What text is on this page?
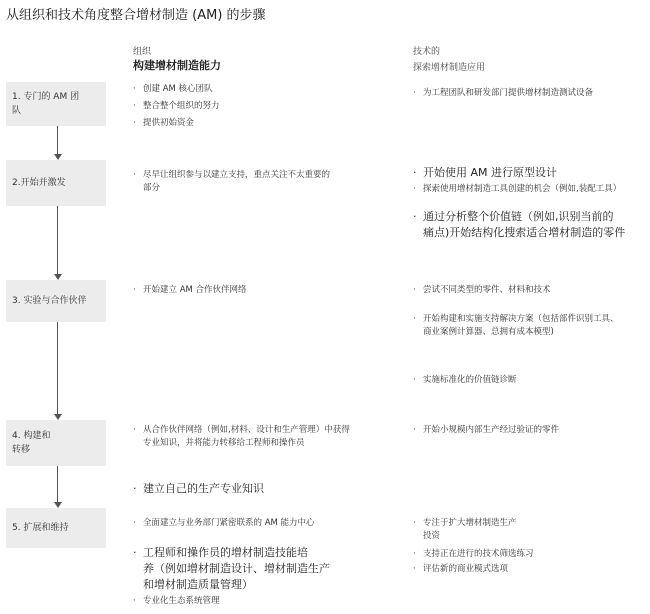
从组织和技术角度整合增材制造 (AM) 的步骤
组织
构建增材制造能力
技术的
探索增材制造应用
1. 专门的 AM 团
队
2.开始并激发
3. 实验与合作伙伴
4. 构建和
转移
5. 扩展和维持
· 创建 AM 核心团队
· 整合整个组织的努力
· 提供初始资金
· 尽早让组织参与以建立支持，重点关注不太重要的
部分
· 开始建立 AM 合作伙伴网络
· 从合作伙伴网络（例如,材料、设计和生产管理）中获得
专业知识，并将能力转移给工程师和操作员
· 建立自己的生产专业知识
· 全面建立与业务部门紧密联系的 AM 能力中心
· 工程师和操作员的增材制造技能培
养（例如增材制造设计、增材制造生产
和增材制造质量管理）
· 专业化生态系统管理
· 为工程团队和研发部门提供增材制造测试设备
· 开始使用 AM 进行原型设计
· 探索使用增材制造工具创建的机会（例如,装配工具）
· 通过分析整个价值链（例如,识别当前的
痛点)开始结构化搜索适合增材制造的零件
· 尝试不同类型的零件、材料和技术
· 开始构建和实施支持解决方案（包括部件识别工具、
商业案例计算器、总拥有成本模型)
· 实施标准化的价值链诊断
· 开始小规模内部生产经过验证的零件
· 专注于扩大增材制造生产
投资
· 支持正在进行的技术筛选练习
· 评估新的商业模式选项
